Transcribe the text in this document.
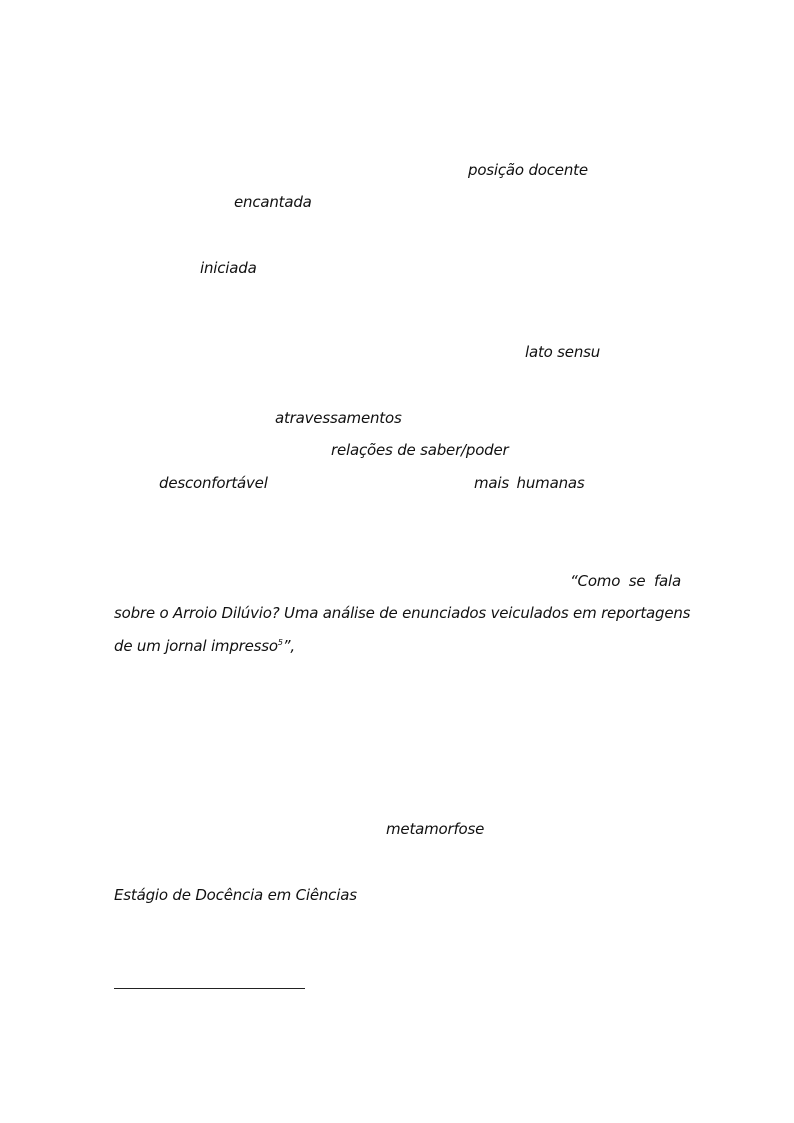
posição docente
encantada
iniciada
lato sensu
atravessamentos
relações de saber/poder
desconfortável	mais humanas
“Como se fala
sobre o Arroio Dilúvio? Uma análise de enunciados veiculados em reportagens
de um jornal impresso$^5$”,
metamorfose
Estágio de Docência em Ciências
